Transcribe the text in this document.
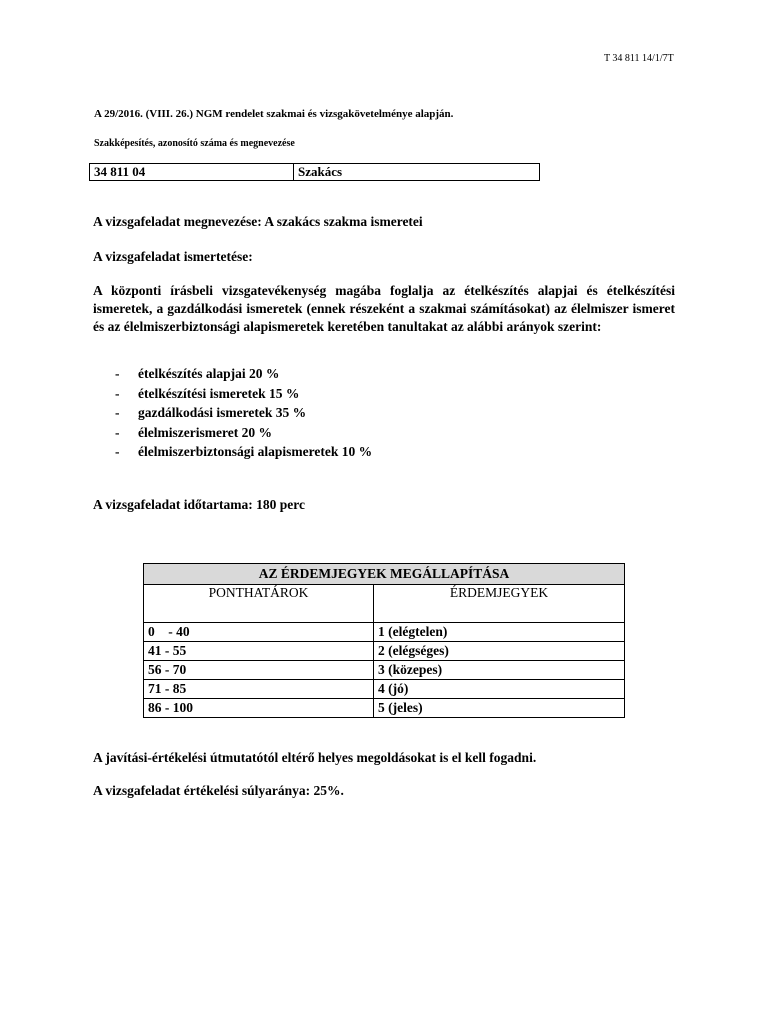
T 34 811 14/1/7T
A 29/2016. (VIII. 26.) NGM rendelet szakmai és vizsgakövetelménye alapján.
Szakképesítés, azonosító száma és megnevezése
34 811 04	Szakács
A vizsgafeladat megnevezése: A szakács szakma ismeretei
A vizsgafeladat ismertetése:
A központi írásbeli vizsgatevékenység magába foglalja az ételkészítés alapjai és ételkészítési ismeretek, a gazdálkodási ismeretek (ennek részeként a szakmai számításokat) az élelmiszer ismeret és az élelmiszerbiztonsági alapismeretek keretében tanultakat az alábbi arányok szerint:
- ételkészítés alapjai 20 %
- ételkészítési ismeretek 15 %
- gazdálkodási ismeretek 35 %
- élelmiszerismeret 20 %
- élelmiszerbiztonsági alapismeretek 10 %
A vizsgafeladat időtartama: 180 perc
AZ ÉRDEMJEGYEK MEGÁLLAPÍTÁSA	
PONTHATÁROK	ÉRDEMJEGYEK
0    - 40	1 (elégtelen)
41 - 55	2 (elégséges)
56 - 70	3 (közepes)
71 - 85	4 (jó)
86 - 100	5 (jeles)
A javítási-értékelési útmutatótól eltérő helyes megoldásokat is el kell fogadni.
A vizsgafeladat értékelési súlyaránya: 25%.
